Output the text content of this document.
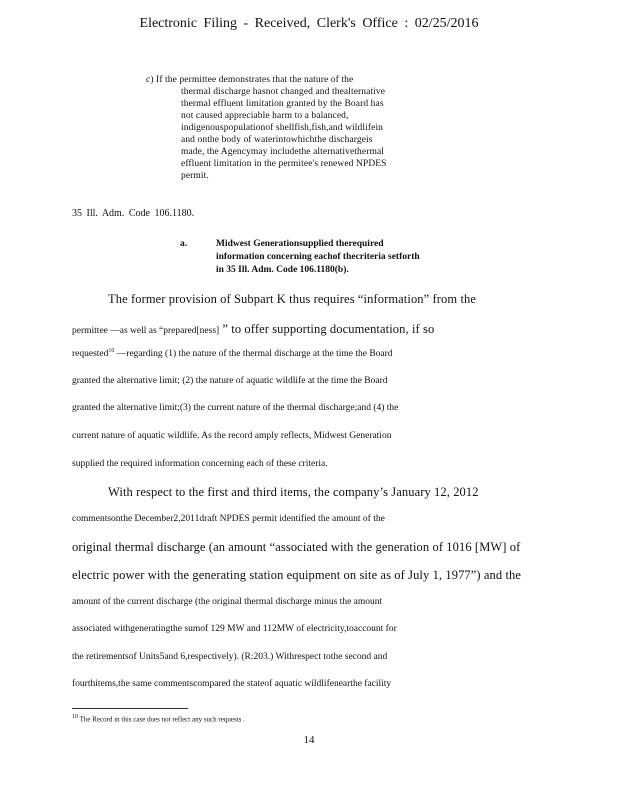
Electronic Filing - Received, Clerk's Office : 02/25/2016
c) If the permittee demonstrates that the nature of the
thermal discharge hasnot changed and thealternative
thermal effluent limitation granted by the Board has
not caused appreciable harm to a balanced,
indigenouspopulationof shellfish,fish,and wildlifein
and onthe body of waterintowhichthe dischargeis
made, the Agencymay includethe alternativethermal
effluent limitation in the permitee's renewed NPDES
permit.
35 Ill. Adm. Code 106.1180.
a.	Midwest Generationsupplied therequired
information concerning eachof thecriteria setforth
in 35 Ill. Adm. Code 106.1180(b).
The former provision of Subpart K thus requires “information” from the
permittee —as well as “prepared[ness] ” to offer supporting documentation, if so
requested$^{10}$ —regarding (1) the nature of the thermal discharge at the time the Board
granted the alternative limit; (2) the nature of aquatic wildlife at the time the Board
granted the alternative limit;(3) the current nature of the thermal discharge;and (4) the
current nature of aquatic wildlife. As the record amply reflects, Midwest Generation
supplied the required information concerning each of these criteria.
With respect to the first and third items, the company’s January 12, 2012
commentsonthe December2,2011draft NPDES permit identified the amount of the
original thermal discharge (an amount “associated with the generation of 1016 [MW] of
electric power with the generating station equipment on site as of July 1, 1977”) and the
amount of the current discharge (the original thermal discharge minus the amount
associated withgeneratingthe sumof 129 MW and 112MW of electricity,toaccount for
the retirementsof Units5and 6,respectively). (R:203.) Withrespect tothe second and
fourthitems,the same commentscompared the stateof aquatic wildlifenearthe facility
$^{10}$ The Record in this case does not reflect any such requests .
14
